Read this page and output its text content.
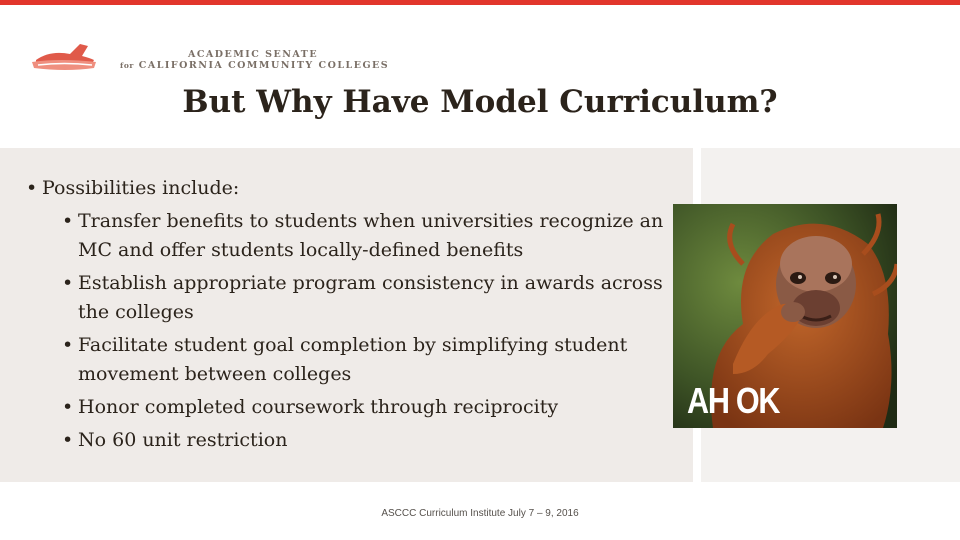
ACADEMIC SENATE
for CALIFORNIA COMMUNITY COLLEGES
But Why Have Model Curriculum?
• Possibilities include:
• Transfer benefits to students when universities recognize an MC and offer students locally-defined benefits
• Establish appropriate program consistency in awards across the colleges
• Facilitate student goal completion by simplifying student movement between colleges
• Honor completed coursework through reciprocity
• No 60 unit restriction
AH OK
ASCCC Curriculum Institute July 7 – 9, 2016
